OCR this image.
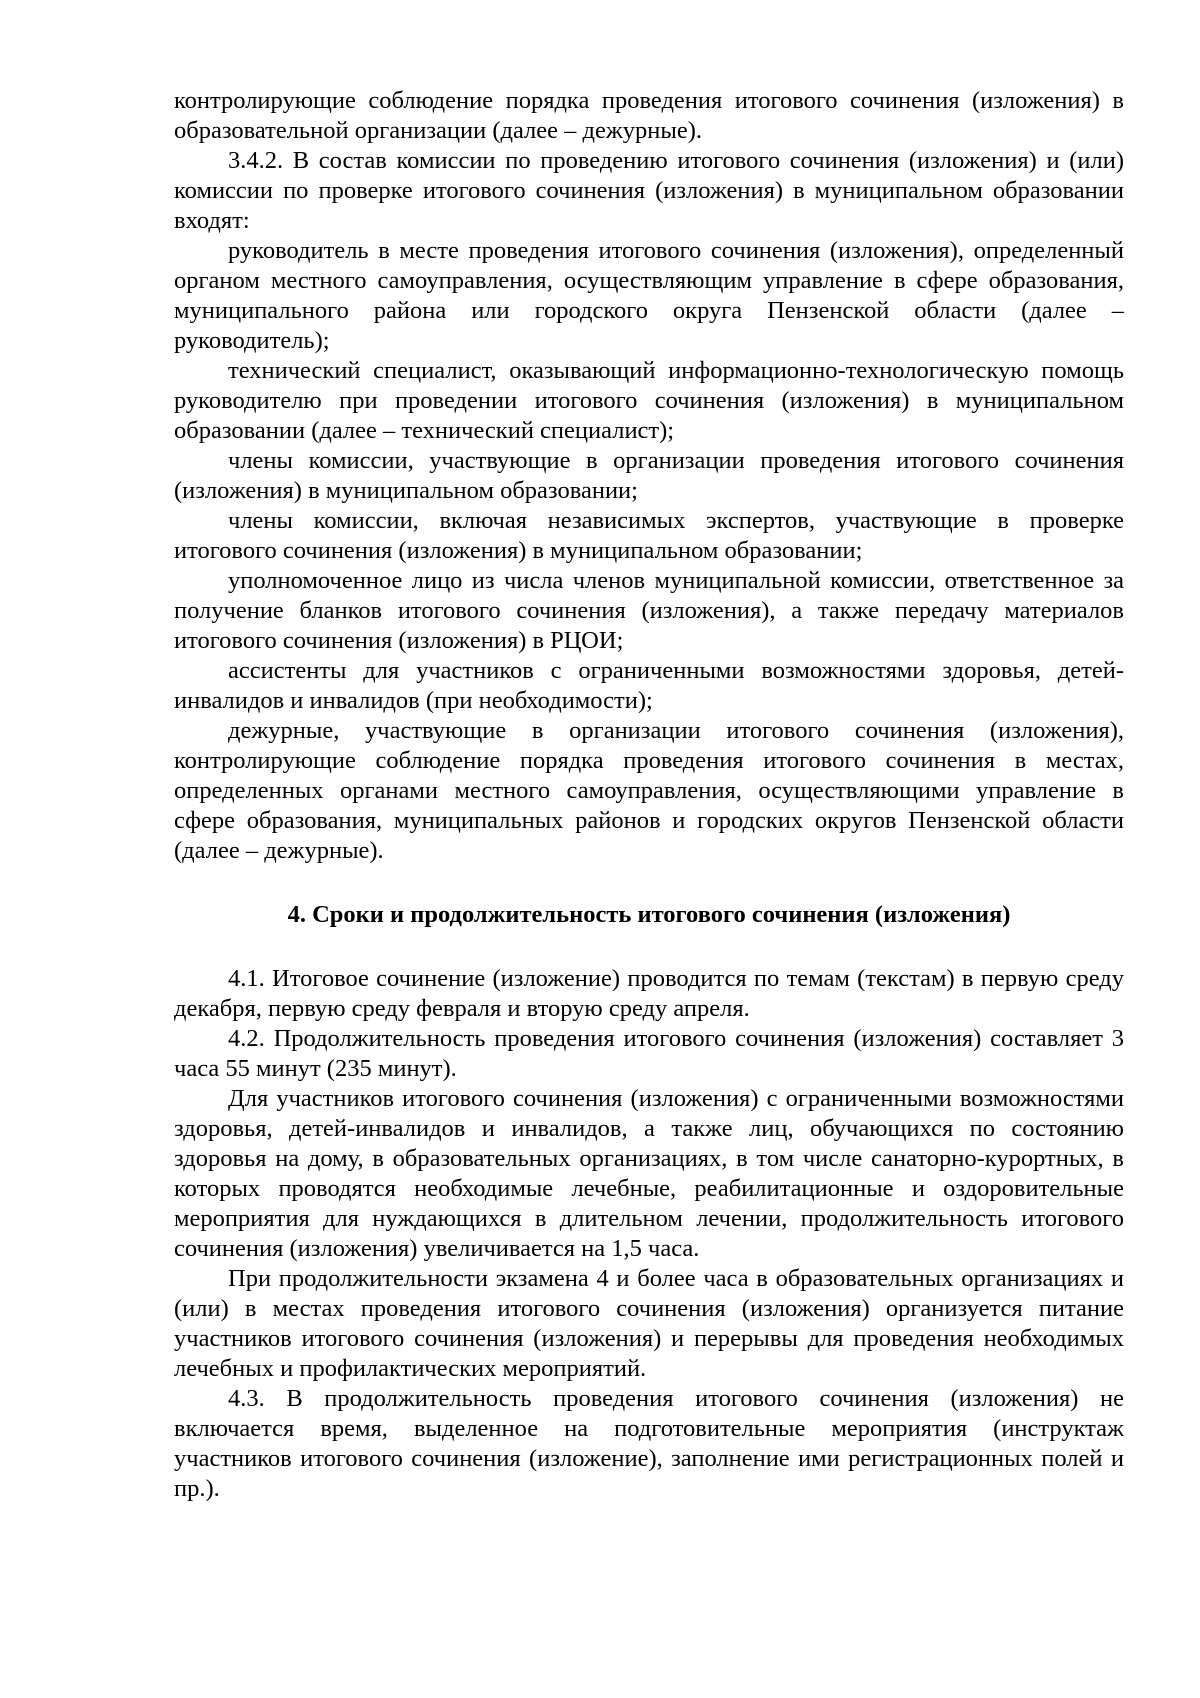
контролирующие соблюдение порядка проведения итогового сочинения (изложения) в образовательной организации (далее – дежурные).

3.4.2. В состав комиссии по проведению итогового сочинения (изложения) и (или) комиссии по проверке итогового сочинения (изложения) в муниципальном образовании входят:

руководитель в месте проведения итогового сочинения (изложения), определенный органом местного самоуправления, осуществляющим управление в сфере образования, муниципального района или городского округа Пензенской области (далее – руководитель);

технический специалист, оказывающий информационно-технологическую помощь руководителю при проведении итогового сочинения (изложения) в муниципальном образовании (далее – технический специалист);

члены комиссии, участвующие в организации проведения итогового сочинения (изложения) в муниципальном образовании;

члены комиссии, включая независимых экспертов, участвующие в проверке итогового сочинения (изложения) в муниципальном образовании;

уполномоченное лицо из числа членов муниципальной комиссии, ответственное за получение бланков итогового сочинения (изложения), а также передачу материалов итогового сочинения (изложения) в РЦОИ;

ассистенты для участников с ограниченными возможностями здоровья, детей-инвалидов и инвалидов (при необходимости);

дежурные, участвующие в организации итогового сочинения (изложения), контролирующие соблюдение порядка проведения итогового сочинения в местах, определенных органами местного самоуправления, осуществляющими управление в сфере образования, муниципальных районов и городских округов Пензенской области (далее – дежурные).

4. Сроки и продолжительность итогового сочинения (изложения)

4.1. Итоговое сочинение (изложение) проводится по темам (текстам) в первую среду декабря, первую среду февраля и вторую среду апреля.

4.2. Продолжительность проведения итогового сочинения (изложения) составляет 3 часа 55 минут (235 минут).

Для участников итогового сочинения (изложения) с ограниченными возможностями здоровья, детей-инвалидов и инвалидов, а также лиц, обучающихся по состоянию здоровья на дому, в образовательных организациях, в том числе санаторно-курортных, в которых проводятся необходимые лечебные, реабилитационные и оздоровительные мероприятия для нуждающихся в длительном лечении, продолжительность итогового сочинения (изложения) увеличивается на 1,5 часа.

При продолжительности экзамена 4 и более часа в образовательных организациях и (или) в местах проведения итогового сочинения (изложения) организуется питание участников итогового сочинения (изложения) и перерывы для проведения необходимых лечебных и профилактических мероприятий.

4.3. В продолжительность проведения итогового сочинения (изложения) не включается время, выделенное на подготовительные мероприятия (инструктаж участников итогового сочинения (изложение), заполнение ими регистрационных полей и пр.).
